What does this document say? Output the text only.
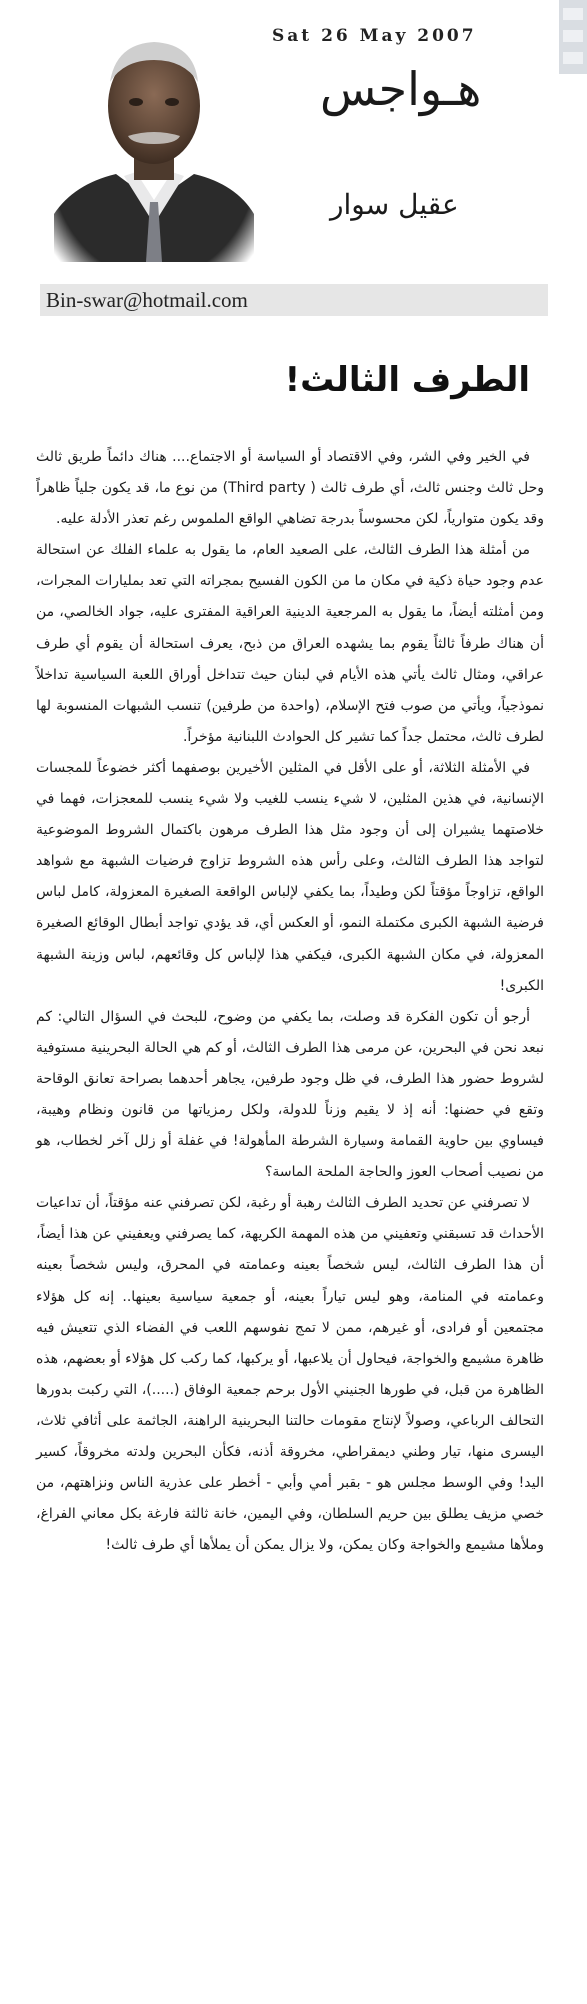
Sat 26 May 2007
هـواجس
عقيل سوار
Bin-swar@hotmail.com
الطرف الثالث!

في الخير وفي الشر، وفي الاقتصاد أو السياسة أو الاجتماع.... هناك دائماً طريق ثالث وحل ثالث وجنس ثالث، أي طرف ثالث ( Third party) من نوع ما، قد يكون جلياً ظاهراً وقد يكون متوارياً، لكن محسوساً بدرجة تضاهي الواقع الملموس رغم تعذر الأدلة عليه.

من أمثلة هذا الطرف الثالث، على الصعيد العام، ما يقول به علماء الفلك عن استحالة عدم وجود حياة ذكية في مكان ما من الكون الفسيح بمجراته التي تعد بمليارات المجرات، ومن أمثلته أيضاً، ما يقول به المرجعية الدينية العراقية المفترى عليه، جواد الخالصي، من أن هناك طرفاً ثالثاً يقوم بما يشهده العراق من ذبح، يعرف استحالة أن يقوم أي طرف عراقي، ومثال ثالث يأتي هذه الأيام في لبنان حيث تتداخل أوراق اللعبة السياسية تداخلاً نموذجياً، ويأتي من صوب فتح الإسلام، (واحدة من طرفين) تنسب الشبهات المنسوبة لها لطرف ثالث، محتمل جداً كما تشير كل الحوادث اللبنانية مؤخراً.

في الأمثلة الثلاثة، أو على الأقل في المثلين الأخيرين بوصفهما أكثر خضوعاً للمجسات الإنسانية، في هذين المثلين، لا شيء ينسب للغيب ولا شيء ينسب للمعجزات، فهما في خلاصتهما يشيران إلى أن وجود مثل هذا الطرف مرهون باكتمال الشروط الموضوعية لتواجد هذا الطرف الثالث، وعلى رأس هذه الشروط تزاوج فرضيات الشبهة مع شواهد الواقع، تزاوجاً مؤقتاً لكن وطيداً، بما يكفي لإلباس الواقعة الصغيرة المعزولة، كامل لباس فرضية الشبهة الكبرى مكتملة النمو، أو العكس أي، قد يؤدي تواجد أبطال الوقائع الصغيرة المعزولة، في مكان الشبهة الكبرى، فيكفي هذا لإلباس كل وقائعهم، لباس وزينة الشبهة الكبرى!

أرجو أن تكون الفكرة قد وصلت، بما يكفي من وضوح، للبحث في السؤال التالي: كم نبعد نحن في البحرين، عن مرمى هذا الطرف الثالث، أو كم هي الحالة البحرينية مستوفية لشروط حضور هذا الطرف، في ظل وجود طرفين، يجاهر أحدهما بصراحة تعانق الوقاحة وتقع في حضنها: أنه إذ لا يقيم وزناً للدولة، ولكل رمزياتها من قانون ونظام وهيبة، فيساوي بين حاوية القمامة وسيارة الشرطة المأهولة! في غفلة أو زلل آخر لخطاب، هو من نصيب أصحاب العوز والحاجة الملحة الماسة؟

لا تصرفني عن تحديد الطرف الثالث رهبة أو رغبة، لكن تصرفني عنه مؤقتاً، أن تداعيات الأحداث قد تسبقني وتعفيني من هذه المهمة الكريهة، كما يصرفني ويعفيني عن هذا أيضاً، أن هذا الطرف الثالث، ليس شخصاً بعينه وعمامته في المحرق، وليس شخصاً بعينه وعمامته في المنامة، وهو ليس تياراً بعينه، أو جمعية سياسية بعينها.. إنه كل هؤلاء مجتمعين أو فرادى، أو غيرهم، ممن لا تمج نفوسهم اللعب في الفضاء الذي تتعيش فيه ظاهرة مشيمع والخواجة، فيحاول أن يلاعبها، أو يركبها، كما ركب كل هؤلاء أو بعضهم، هذه الظاهرة من قبل، في طورها الجنيني الأول برحم جمعية الوفاق (.....)، التي ركبت بدورها التحالف الرباعي، وصولاً لإنتاج مقومات حالتنا البحرينية الراهنة، الجاثمة على أثافي ثلاث، اليسرى منها، تيار وطني ديمقراطي، مخروقة أذنه، فكأن البحرين ولدته مخروقاً، كسير اليد! وفي الوسط مجلس هو - بقبر أمي وأبي - أخطر على عذرية الناس ونزاهتهم، من خصي مزيف يطلق بين حريم السلطان، وفي اليمين، خانة ثالثة فارغة بكل معاني الفراغ، وملأها مشيمع والخواجة وكان يمكن، ولا يزال يمكن أن يملأها أي طرف ثالث!
